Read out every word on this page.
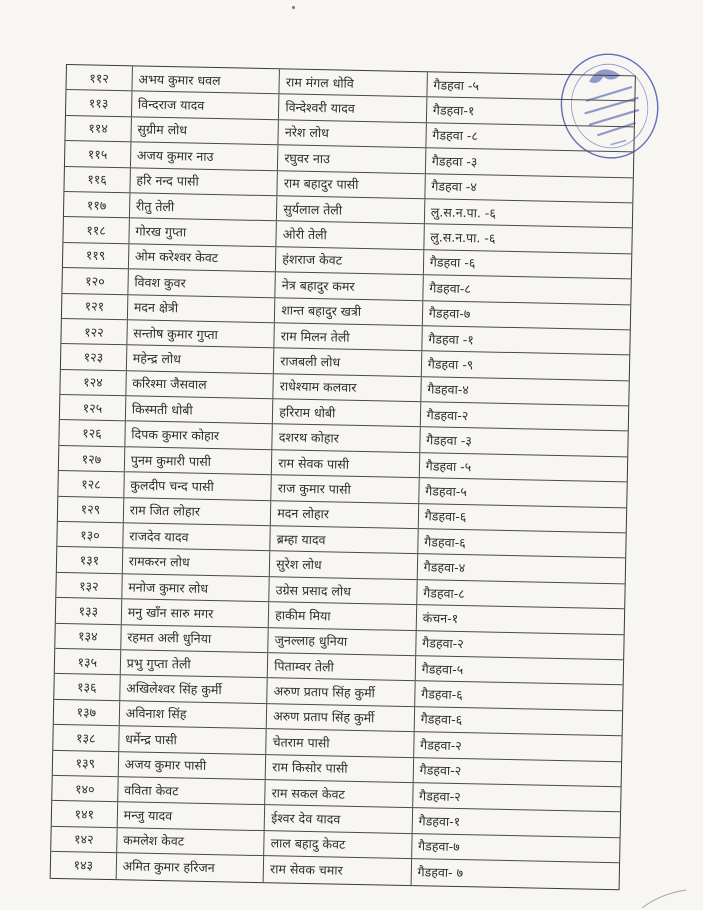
११२	अभय कुमार धवल	राम मंगल धोवि	गैडहवा -५
११३	विन्दराज यादव	विन्देश्वरी यादव	गैडहवा-१
११४	सुग्रीम लोध	नरेश लोध	गैडहवा -८
११५	अजय कुमार नाउ	रघुवर नाउ	गैडहवा -३
११६	हरि नन्द पासी	राम बहादुर पासी	गैडहवा -४
११७	रीतु तेली	सुर्यलाल तेली	लु.स.न.पा. -६
११८	गोरख गुप्ता	ओरी तेली	लु.स.न.पा. -६
११९	ओम करेश्वर केवट	हंशराज केवट	गैडहवा -६
१२०	विवश कुवर	नेत्र बहादुर कमर	गैडहवा-८
१२१	मदन क्षेत्री	शान्त बहादुर खत्री	गैडहवा-७
१२२	सन्तोष कुमार गुप्ता	राम मिलन तेली	गैडहवा -१
१२३	महेन्द्र लोध	राजबली लोध	गैडहवा -९
१२४	करिश्मा जैसवाल	राधेश्याम कलवार	गैडहवा-४
१२५	किस्मती धोबी	हरिराम धोबी	गैडहवा-२
१२६	दिपक कुमार कोहार	दशरथ कोहार	गैडहवा -३
१२७	पुनम कुमारी पासी	राम सेवक पासी	गैडहवा -५
१२८	कुलदीप चन्द पासी	राज कुमार पासी	गैडहवा-५
१२९	राम जित लोहार	मदन लोहार	गैडहवा-६
१३०	राजदेव यादव	ब्रम्हा यादव	गैडहवा-६
१३१	रामकरन लोध	सुरेश लोध	गैडहवा-४
१३२	मनोज कुमार लोध	उग्रेस प्रसाद लोध	गैडहवा-८
१३३	मनु खाँन सारु मगर	हाकीम मिया	कंचन-१
१३४	रहमत अली धुनिया	जुनल्लाह धुनिया	गैडहवा-२
१३५	प्रभु गुप्ता तेली	पिताम्वर तेली	गैडहवा-५
१३६	अखिलेश्वर सिंह कुर्मी	अरुण प्रताप सिंह कुर्मी	गैडहवा-६
१३७	अविनाश सिंह	अरुण प्रताप सिंह कुर्मी	गैडहवा-६
१३८	धर्मेन्द्र पासी	चेतराम पासी	गैडहवा-२
१३९	अजय कुमार पासी	राम किसोर पासी	गैडहवा-२
१४०	वविता केवट	राम सकल केवट	गैडहवा-२
१४१	मन्जु यादव	ईश्वर देव यादव	गैडहवा-१
१४२	कमलेश केवट	लाल बहादु केवट	गैडहवा-७
१४३	अमित कुमार हरिजन	राम सेवक चमार	गैडहवा- ७
